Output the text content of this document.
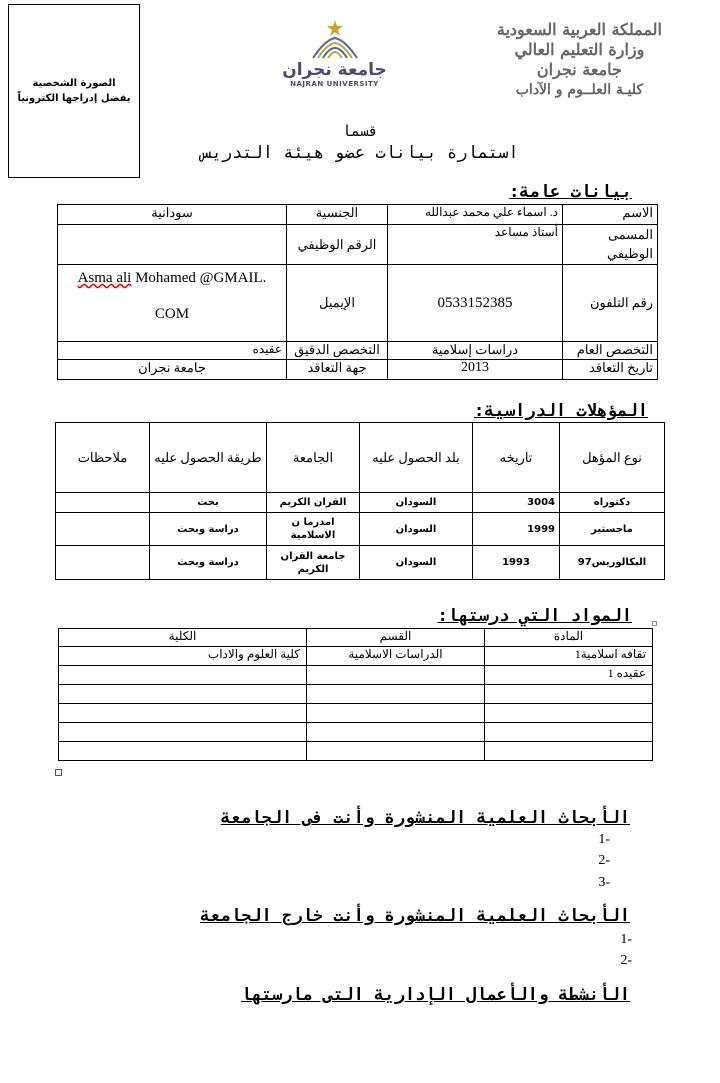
الصورة الشخصية
يفضل إدراجها الكترونياً
جامعة نجران
NAJRAN UNIVERSITY
المملكة العربية السعودية
وزارة التعليم العالي
جامعة نجران
كليـة العلــوم و الآداب
قسما
استمارة بيانات عضو هيئة التدريس
بيانات عامة:
الاسم	د. اسماء علي محمد عبدالله	الجنسية	سودانية
المسمى الوظيفي	أستاذ مساعد	الرقم الوظيفي	
رقم التلفون	0533152385	الإيميل	Asma ali Mohamed @GMAIL.
COM

التخصص العام	دراسات إسلامية	التخصص الدقيق	عقيده
تاريخ التعاقد	2013	جهة التعاقد	جامعة نجران
المؤهلات الدراسية:
نوع المؤهل	تاريخه	بلد الحصول عليه	الجامعة	طريقة الحصول عليه	ملاحظات
دكتوراه	3004	السودان	القران الكريم	بحث	
ماجستير	1999	السودان	امدرما ن الاسلامية	دراسة وبحث	
البكالوريس97	1993	السودان	جامعة القران الكريم	دراسة وبحث	
المواد التي درستها:
المادة	القسم	الكلية
تقافه اسلامية1	الدراسات الاسلامية	كلية العلوم والاداب
عقيده 1		

الأبحاث العلمية المنشورة وأنت فى الجامعة
-1
-2
-3
الأبحاث العلمية المنشورة وأنت خارج الجامعة
-1
-2
الأنشطة والأعمال الإدارية التى مارستها
